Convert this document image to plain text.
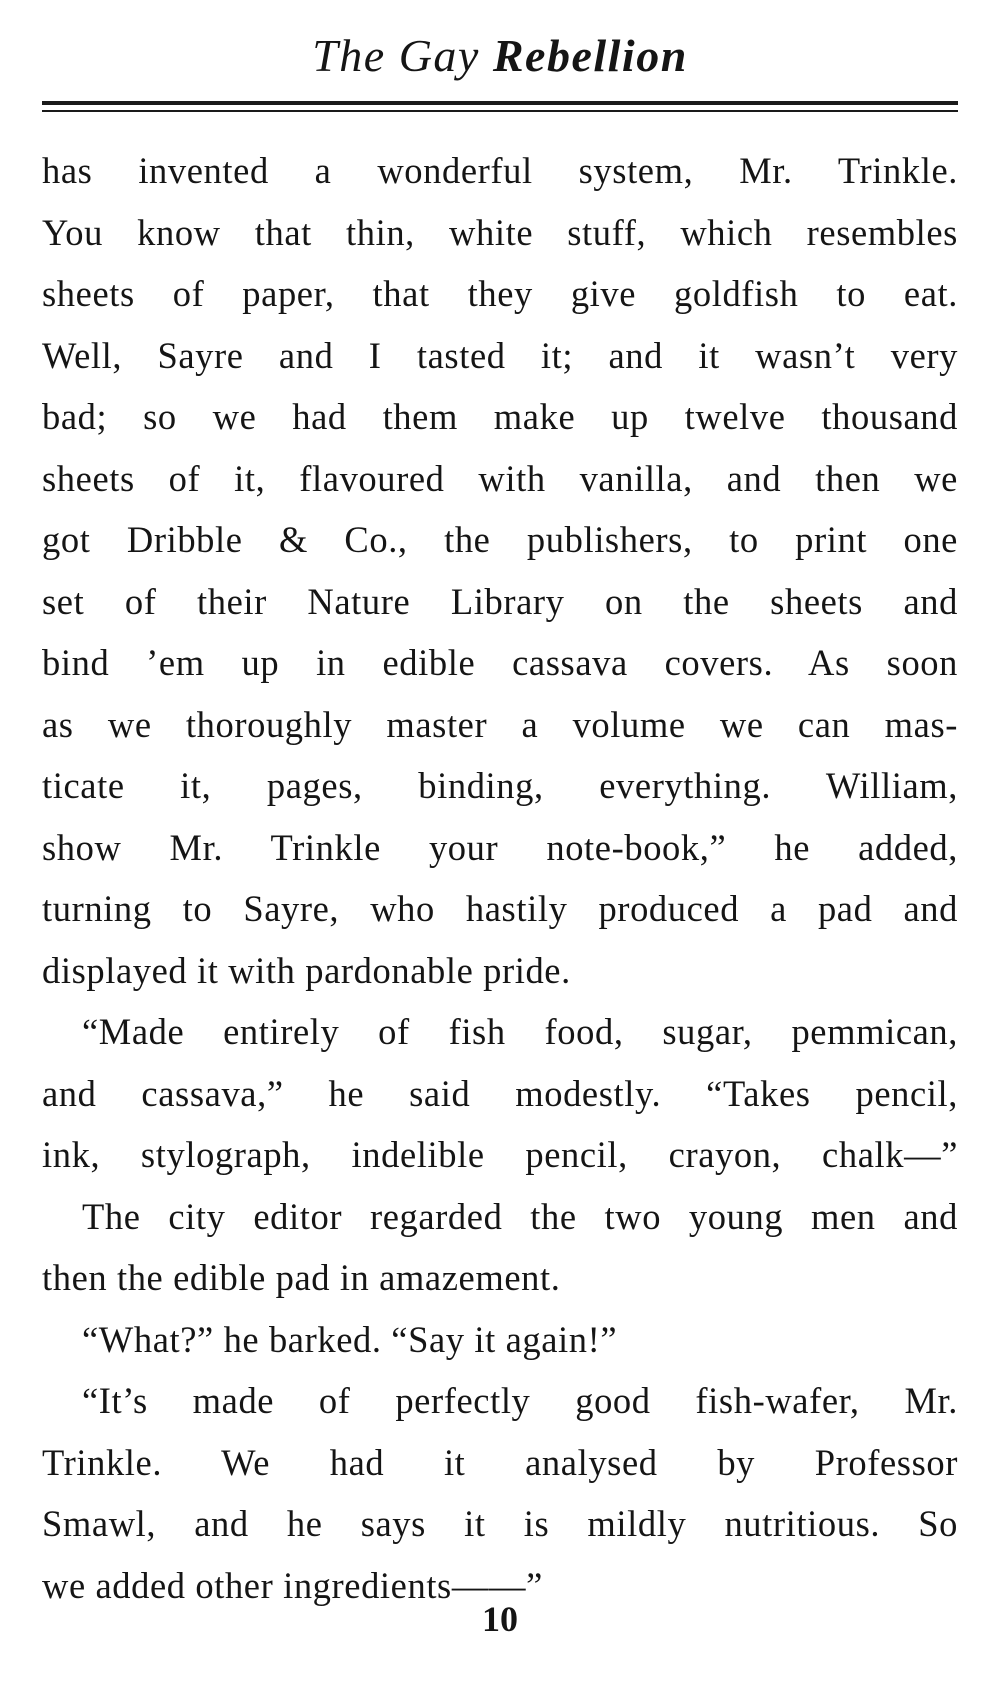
The Gay Rebellion
has invented a wonderful system, Mr. Trinkle.
You know that thin, white stuff, which resembles
sheets of paper, that they give goldfish to eat.
Well, Sayre and I tasted it; and it wasn’t very
bad; so we had them make up twelve thousand
sheets of it, flavoured with vanilla, and then we
got Dribble & Co., the publishers, to print one
set of their Nature Library on the sheets and
bind ’em up in edible cassava covers. As soon
as we thoroughly master a volume we can mas-
ticate it, pages, binding, everything. William,
show Mr. Trinkle your note-book,” he added,
turning to Sayre, who hastily produced a pad and
displayed it with pardonable pride.
“Made entirely of fish food, sugar, pemmican,
and cassava,” he said modestly. “Takes pencil,
ink, stylograph, indelible pencil, crayon, chalk—”
The city editor regarded the two young men and
then the edible pad in amazement.
“What?” he barked. “Say it again!”
“It’s made of perfectly good fish-wafer, Mr.
Trinkle. We had it analysed by Professor
Smawl, and he says it is mildly nutritious. So
we added other ingredients——”
10
